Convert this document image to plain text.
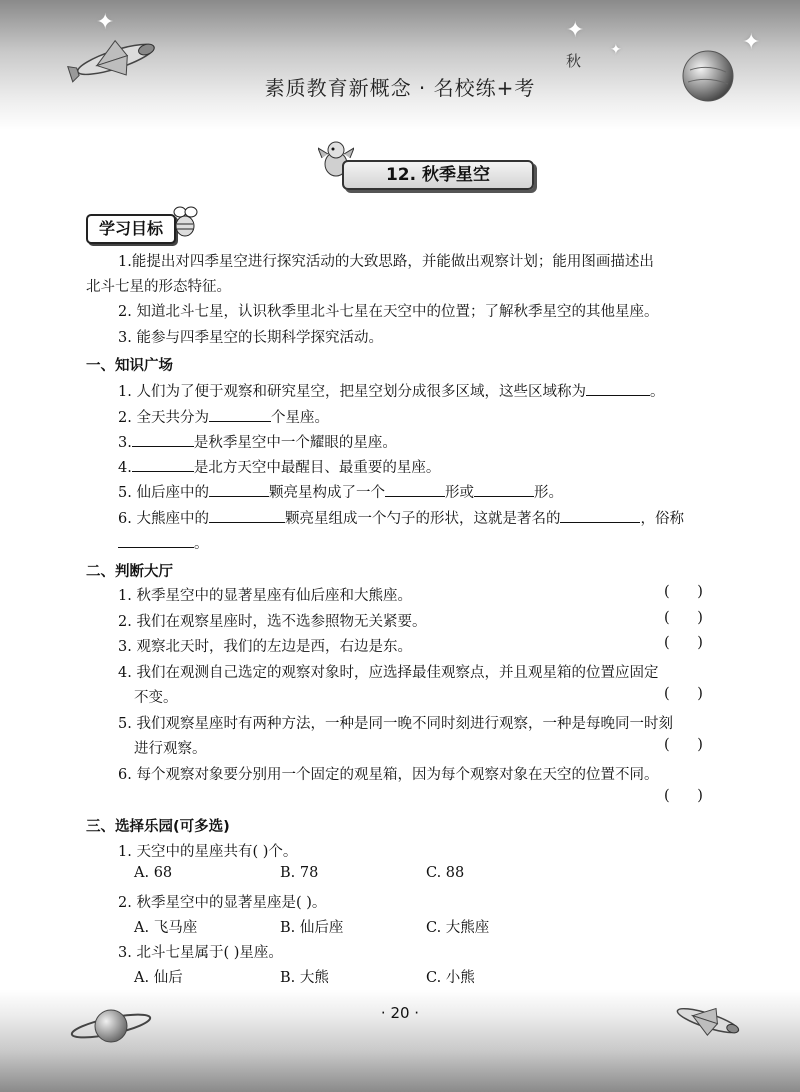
✦	✦	✦
✦
秋
素质教育新概念 · 名校练+考
12. 秋季星空
学习目标
1.能提出对四季星空进行探究活动的大致思路，并能做出观察计划；能用图画描述出
北斗七星的形态特征。
2. 知道北斗七星，认识秋季里北斗七星在天空中的位置；了解秋季星空的其他星座。
3. 能参与四季星空的长期科学探究活动。
一、知识广场
1. 人们为了便于观察和研究星空，把星空划分成很多区域，这些区域称为	。
2. 全天共分为	个星座。
3.	是秋季星空中一个耀眼的星座。
4.	是北方天空中最醒目、最重要的星座。
5. 仙后座中的	颗亮星构成了一个	形或	形。
6. 大熊座中的	颗亮星组成一个勺子的形状，这就是著名的	，俗称
。
二、判断大厅
1. 秋季星空中的显著星座有仙后座和大熊座。	(      )
2. 我们在观察星座时，选不选参照物无关紧要。	(      )
3. 观察北天时，我们的左边是西，右边是东。	(      )
4. 我们在观测自己选定的观察对象时，应选择最佳观察点，并且观星箱的位置应固定
不变。	(      )
5. 我们观察星座时有两种方法，一种是同一晚不同时刻进行观察，一种是每晚同一时刻
进行观察。	(      )
6. 每个观察对象要分别用一个固定的观星箱，因为每个观察对象在天空的位置不同。
(      )
三、选择乐园(可多选)
1. 天空中的星座共有( )个。
A. 68	B. 78	C. 88
2. 秋季星空中的显著星座是( )。
A. 飞马座	B. 仙后座	C. 大熊座
3. 北斗七星属于( )星座。
A. 仙后	B. 大熊	C. 小熊
· 20 ·
